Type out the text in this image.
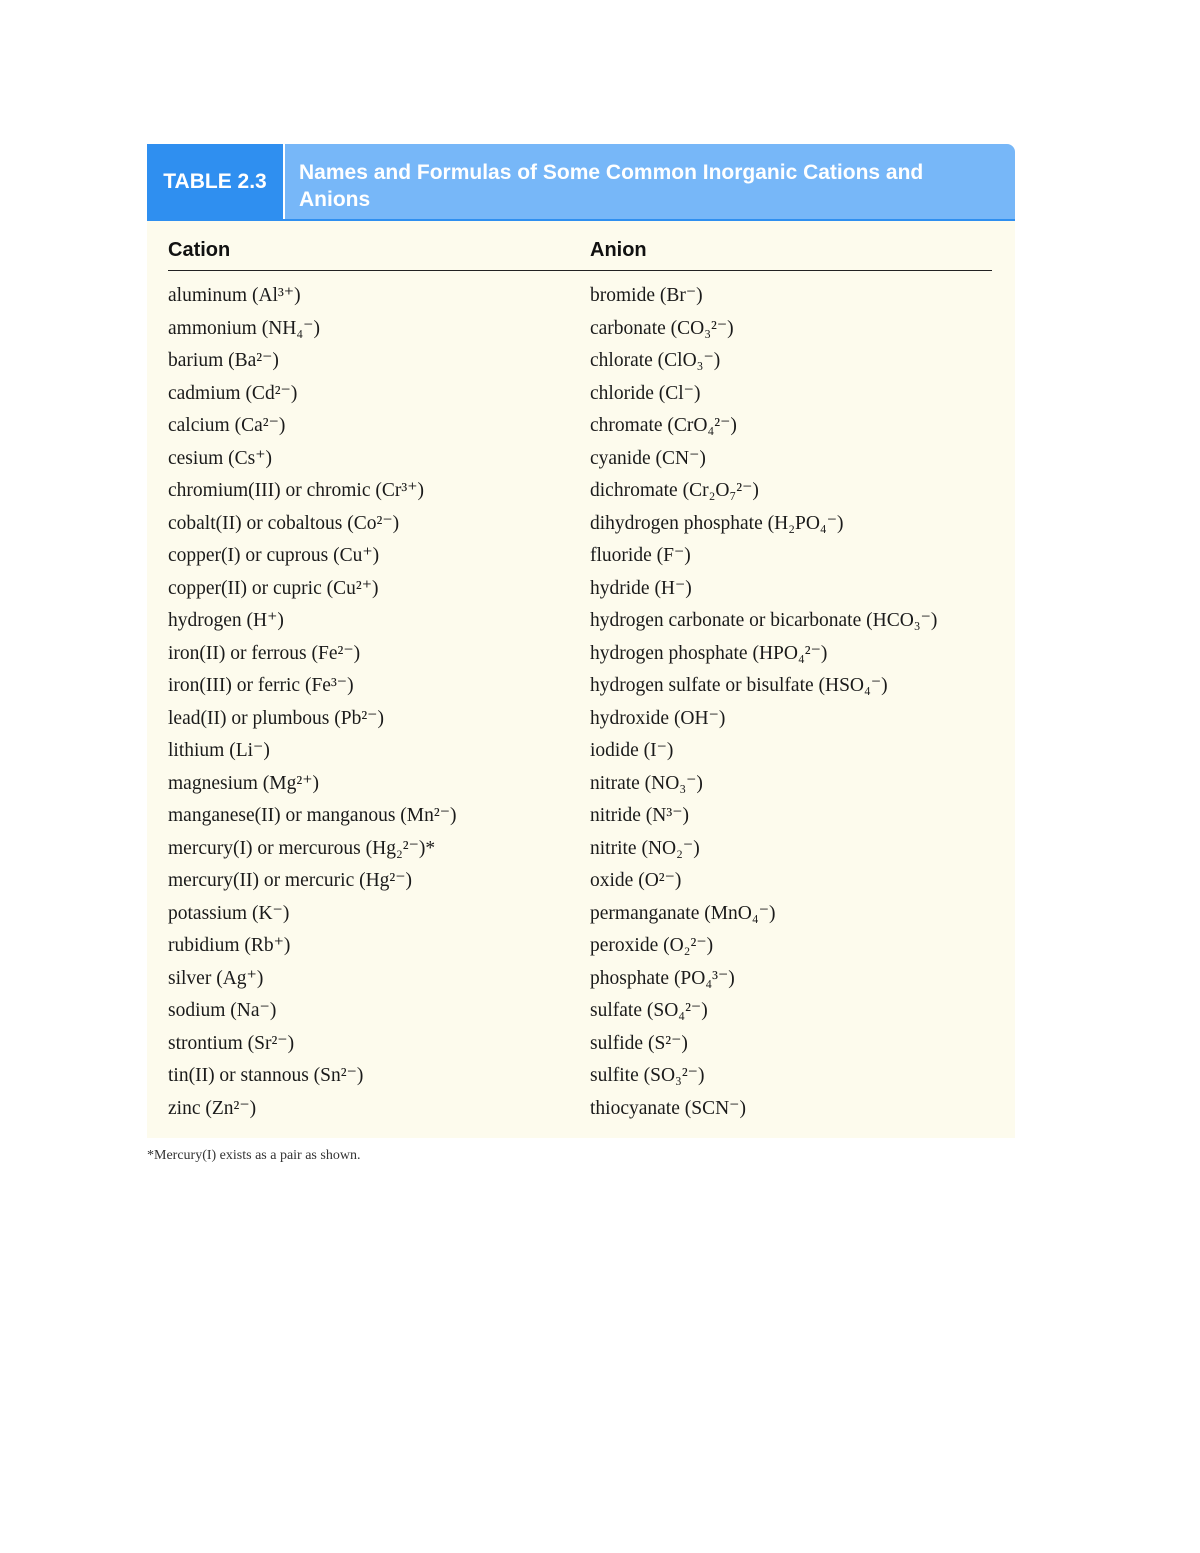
TABLE 2.3	Names and Formulas of Some Common Inorganic Cations and Anions
Cation	Anion
aluminum (Al³⁺)
ammonium (NH₄⁻)
barium (Ba²⁻)
cadmium (Cd²⁻)
calcium (Ca²⁻)
cesium (Cs⁺)
chromium(III) or chromic (Cr³⁺)
cobalt(II) or cobaltous (Co²⁻)
copper(I) or cuprous (Cu⁺)
copper(II) or cupric (Cu²⁺)
hydrogen (H⁺)
iron(II) or ferrous (Fe²⁻)
iron(III) or ferric (Fe³⁻)
lead(II) or plumbous (Pb²⁻)
lithium (Li⁻)
magnesium (Mg²⁺)
manganese(II) or manganous (Mn²⁻)
mercury(I) or mercurous (Hg₂²⁻)*
mercury(II) or mercuric (Hg²⁻)
potassium (K⁻)
rubidium (Rb⁺)
silver (Ag⁺)
sodium (Na⁻)
strontium (Sr²⁻)
tin(II) or stannous (Sn²⁻)
zinc (Zn²⁻)
bromide (Br⁻)
carbonate (CO₃²⁻)
chlorate (ClO₃⁻)
chloride (Cl⁻)
chromate (CrO₄²⁻)
cyanide (CN⁻)
dichromate (Cr₂O₇²⁻)
dihydrogen phosphate (H₂PO₄⁻)
fluoride (F⁻)
hydride (H⁻)
hydrogen carbonate or bicarbonate (HCO₃⁻)
hydrogen phosphate (HPO₄²⁻)
hydrogen sulfate or bisulfate (HSO₄⁻)
hydroxide (OH⁻)
iodide (I⁻)
nitrate (NO₃⁻)
nitride (N³⁻)
nitrite (NO₂⁻)
oxide (O²⁻)
permanganate (MnO₄⁻)
peroxide (O₂²⁻)
phosphate (PO₄³⁻)
sulfate (SO₄²⁻)
sulfide (S²⁻)
sulfite (SO₃²⁻)
thiocyanate (SCN⁻)
*Mercury(I) exists as a pair as shown.
